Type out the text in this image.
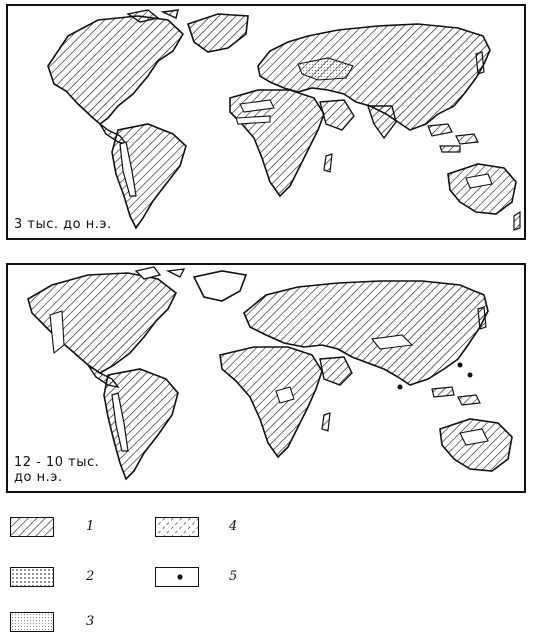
3 тыс. до н.э.
12 - 10 тыс.
до н.э.
1
2
3
4
5
